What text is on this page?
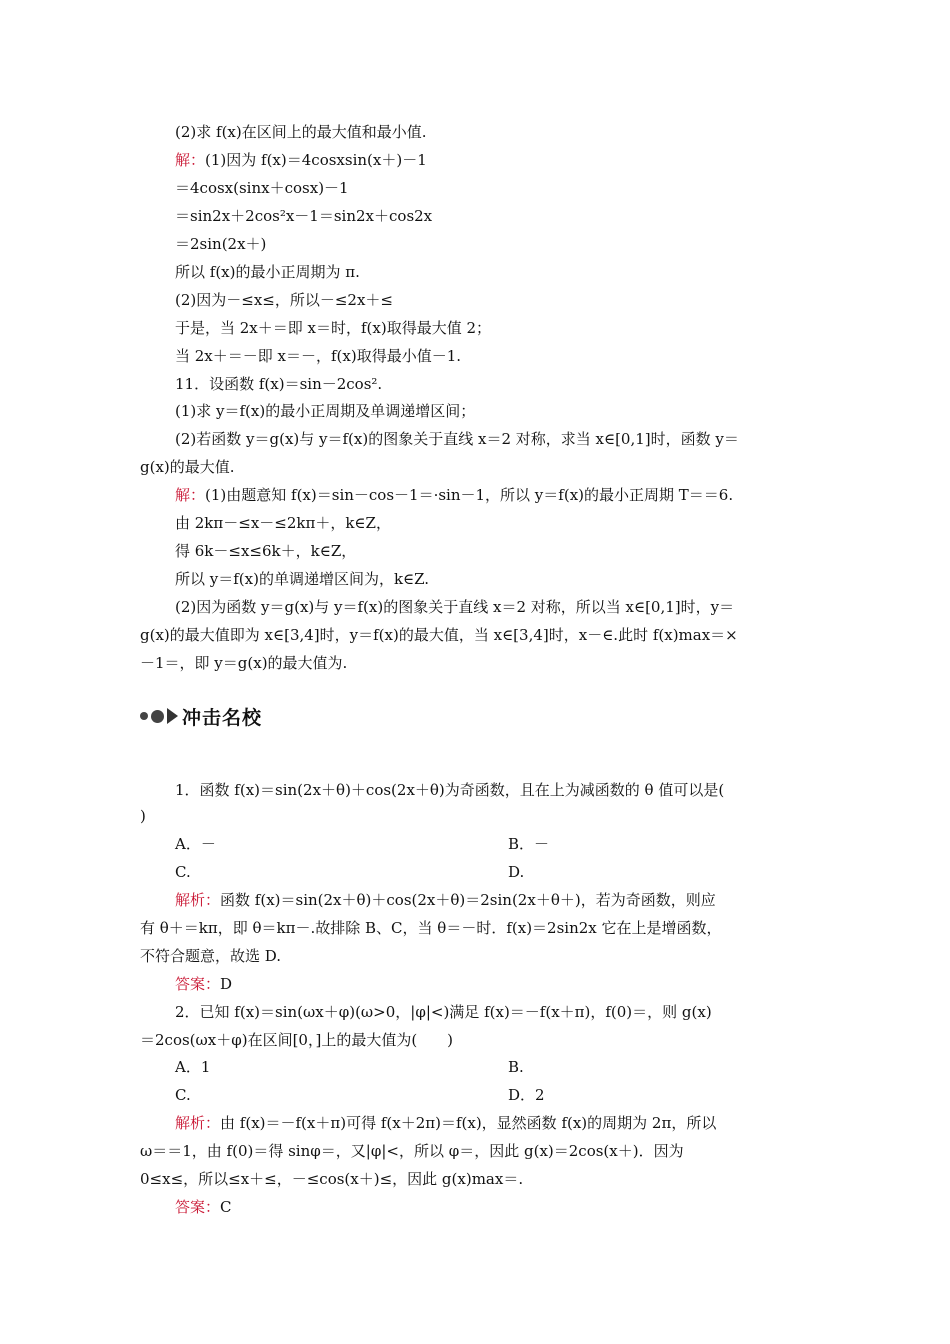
(2)求 f(x)在区间上的最大值和最小值.
解：(1)因为 f(x)＝4cosxsin(x＋)－1
＝4cosx(sinx＋cosx)－1
＝sin2x＋2cos²x－1＝sin2x＋cos2x
＝2sin(2x＋)
所以 f(x)的最小正周期为 π.
(2)因为－≤x≤，所以－≤2x＋≤
于是，当 2x＋＝即 x＝时，f(x)取得最大值 2；
当 2x＋＝－即 x＝－，f(x)取得最小值－1.
11．设函数 f(x)＝sin－2cos².
(1)求 y＝f(x)的最小正周期及单调递增区间；
(2)若函数 y＝g(x)与 y＝f(x)的图象关于直线 x＝2 对称，求当 x∈[0,1]时，函数 y＝
g(x)的最大值.
解：(1)由题意知 f(x)＝sin－cos－1＝·sin－1，所以 y＝f(x)的最小正周期 T＝＝6.
由 2kπ－≤x－≤2kπ＋，k∈Z，
得 6k－≤x≤6k＋，k∈Z，
所以 y＝f(x)的单调递增区间为，k∈Z.
(2)因为函数 y＝g(x)与 y＝f(x)的图象关于直线 x＝2 对称，所以当 x∈[0,1]时，y＝
g(x)的最大值即为 x∈[3,4]时，y＝f(x)的最大值，当 x∈[3,4]时，x－∈.此时 f(x)max＝×
－1＝，即 y＝g(x)的最大值为.
1．函数 f(x)＝sin(2x＋θ)＋cos(2x＋θ)为奇函数，且在上为减函数的 θ 值可以是(
)
解析：函数 f(x)＝sin(2x＋θ)＋cos(2x＋θ)＝2sin(2x＋θ＋)，若为奇函数，则应
有 θ＋＝kπ，即 θ＝kπ－.故排除 B、C，当 θ＝－时．f(x)＝2sin2x 它在上是增函数，
不符合题意，故选 D.
答案：D
2．已知 f(x)＝sin(ωx＋φ)(ω>0，|φ|<)满足 f(x)＝－f(x＋π)，f(0)＝，则 g(x)
＝2cos(ωx＋φ)在区间[0，]上的最大值为(　　)
解析：由 f(x)＝－f(x＋π)可得 f(x＋2π)＝f(x)，显然函数 f(x)的周期为 2π，所以
ω＝＝1，由 f(0)＝得 sinφ＝，又|φ|<，所以 φ＝，因此 g(x)＝2cos(x＋)．因为
0≤x≤，所以≤x＋≤，－≤cos(x＋)≤，因此 g(x)max＝.
答案：C
冲击名校
A．－	B．－
C.	D.
A．1	B.
C.	D．2
